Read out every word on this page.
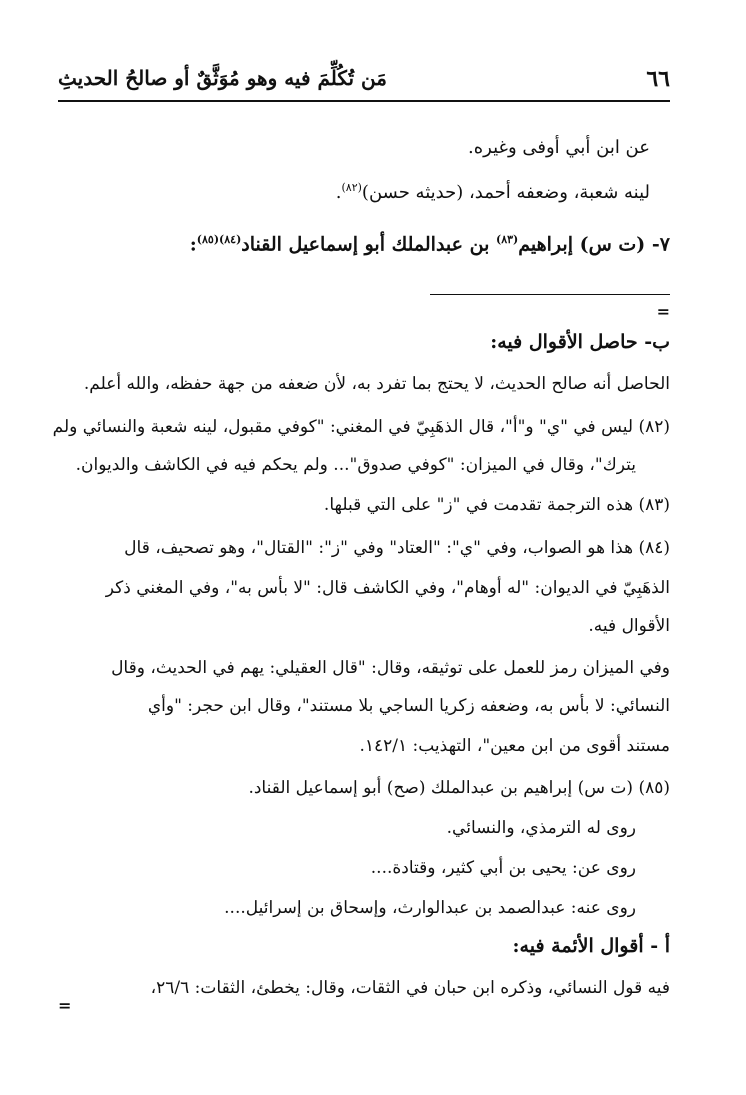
٦٦
مَن تُكُلِّمَ فيه وهو مُوَثَّقٌ أو صالحُ الحديثِ
عن ابن أبي أوفى وغيره.
لينه شعبة، وضعفه أحمد، (حديثه حسن)$^{(٨٢)}$.
٧- (ت س) إبراهيم$^{(٨٣)}$ بن عبدالملك أبو إسماعيل القناد$^{(٨٤)(٨٥)}$:
=
ب- حاصل الأقوال فيه:
الحاصل أنه صالح الحديث، لا يحتج بما تفرد به، لأن ضعفه من جهة حفظه، والله أعلم.
(٨٢) ليس في "ي" و"أ"، قال الذهَبِيّ في المغني: "كوفي مقبول، لينه شعبة والنسائي ولم
يترك"، وقال في الميزان: "كوفي صدوق"... ولم يحكم فيه في الكاشف والديوان.
(٨٣) هذه الترجمة تقدمت في "ز" على التي قبلها.
(٨٤) هذا هو الصواب، وفي "ي": "العتاد" وفي "ز": "القتال"، وهو تصحيف، قال
الذهَبِيّ في الديوان: "له أوهام"، وفي الكاشف قال: "لا بأس به"، وفي المغني ذكر
الأقوال فيه.
وفي الميزان رمز للعمل على توثيقه، وقال: "قال العقيلي: يهم في الحديث، وقال
النسائي: لا بأس به، وضعفه زكريا الساجي بلا مستند"، وقال ابن حجر: "وأي
مستند أقوى من ابن معين"، التهذيب: ١٤٢/١.
(٨٥) (ت س) إبراهيم بن عبدالملك (صح) أبو إسماعيل القناد.
روى له الترمذي، والنسائي.
روى عن: يحيى بن أبي كثير، وقتادة....
روى عنه: عبدالصمد بن عبدالوارث، وإسحاق بن إسرائيل....
أ - أقوال الأئمة فيه:
فيه قول النسائي، وذكره ابن حبان في الثقات، وقال: يخطئ، الثقات: ٢٦/٦،
=
